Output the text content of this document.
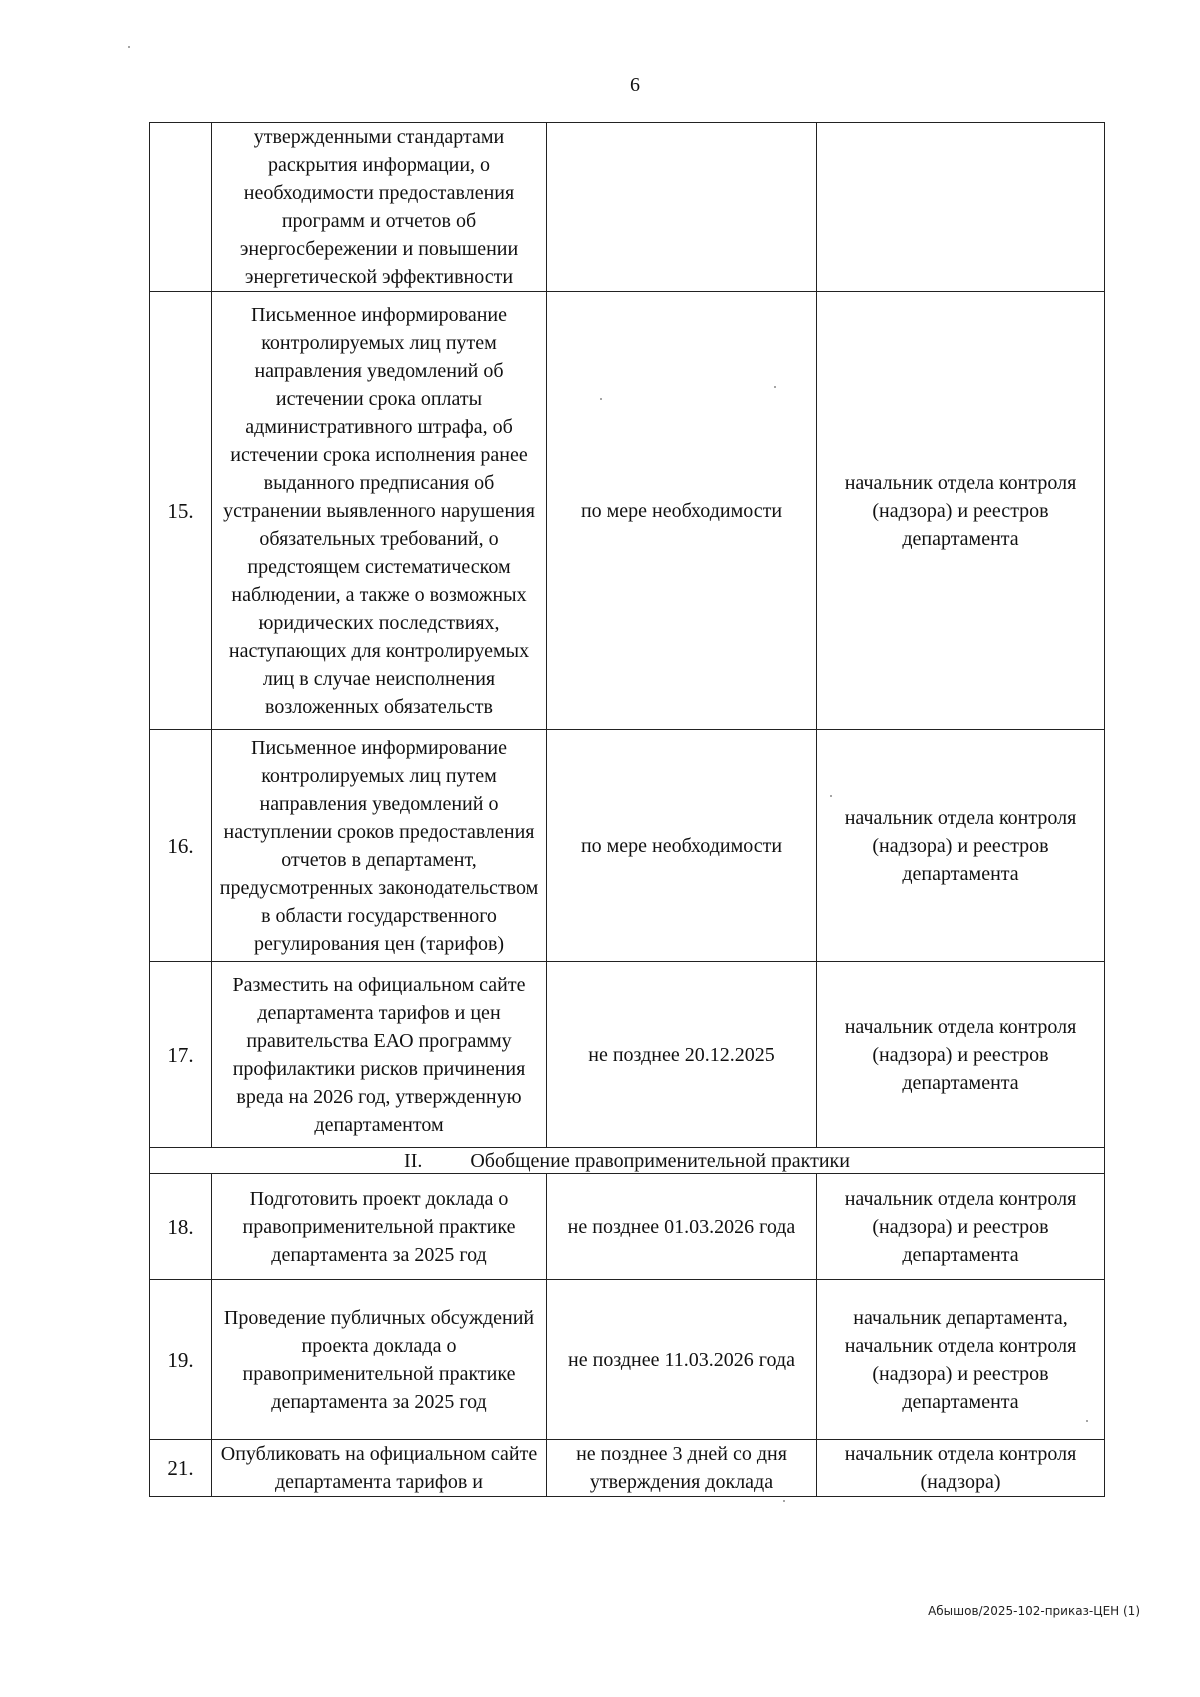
6
	утвержденными стандартами раскрытия информации, о необходимости предоставления программ и отчетов об энергосбережении и повышении энергетической эффективности		
15.	Письменное информирование контролируемых лиц путем направления уведомлений об истечении срока оплаты административного штрафа, об истечении срока исполнения ранее выданного предписания об устранении выявленного нарушения обязательных требований, о предстоящем систематическом наблюдении, а также о возможных юридических последствиях, наступающих для контролируемых лиц в случае неисполнения возложенных обязательств	по мере необходимости	начальник отдела контроля (надзора) и реестров департамента
16.	Письменное информирование контролируемых лиц путем направления уведомлений о наступлении сроков предоставления отчетов в департамент, предусмотренных законодательством в области государственного регулирования цен (тарифов)	по мере необходимости	начальник отдела контроля (надзора) и реестров департамента
17.	Разместить на официальном сайте департамента тарифов и цен правительства ЕАО программу профилактики рисков причинения вреда на 2026 год, утвержденную департаментом	не позднее 20.12.2025	начальник отдела контроля (надзора) и реестров департамента
II. Обобщение правоприменительной практики			
18.	Подготовить проект доклада о правоприменительной практике департамента за 2025 год	не позднее 01.03.2026 года	начальник отдела контроля (надзора) и реестров департамента
19.	Проведение публичных обсуждений проекта доклада о правоприменительной практике департамента за 2025 год	не позднее 11.03.2026 года	начальник департамента, начальник отдела контроля (надзора) и реестров департамента
21.	Опубликовать на официальном сайте департамента тарифов и	не позднее 3 дней со дня утверждения доклада	начальник отдела контроля (надзора)
Абышов/2025-102-приказ-ЦЕН (1)
